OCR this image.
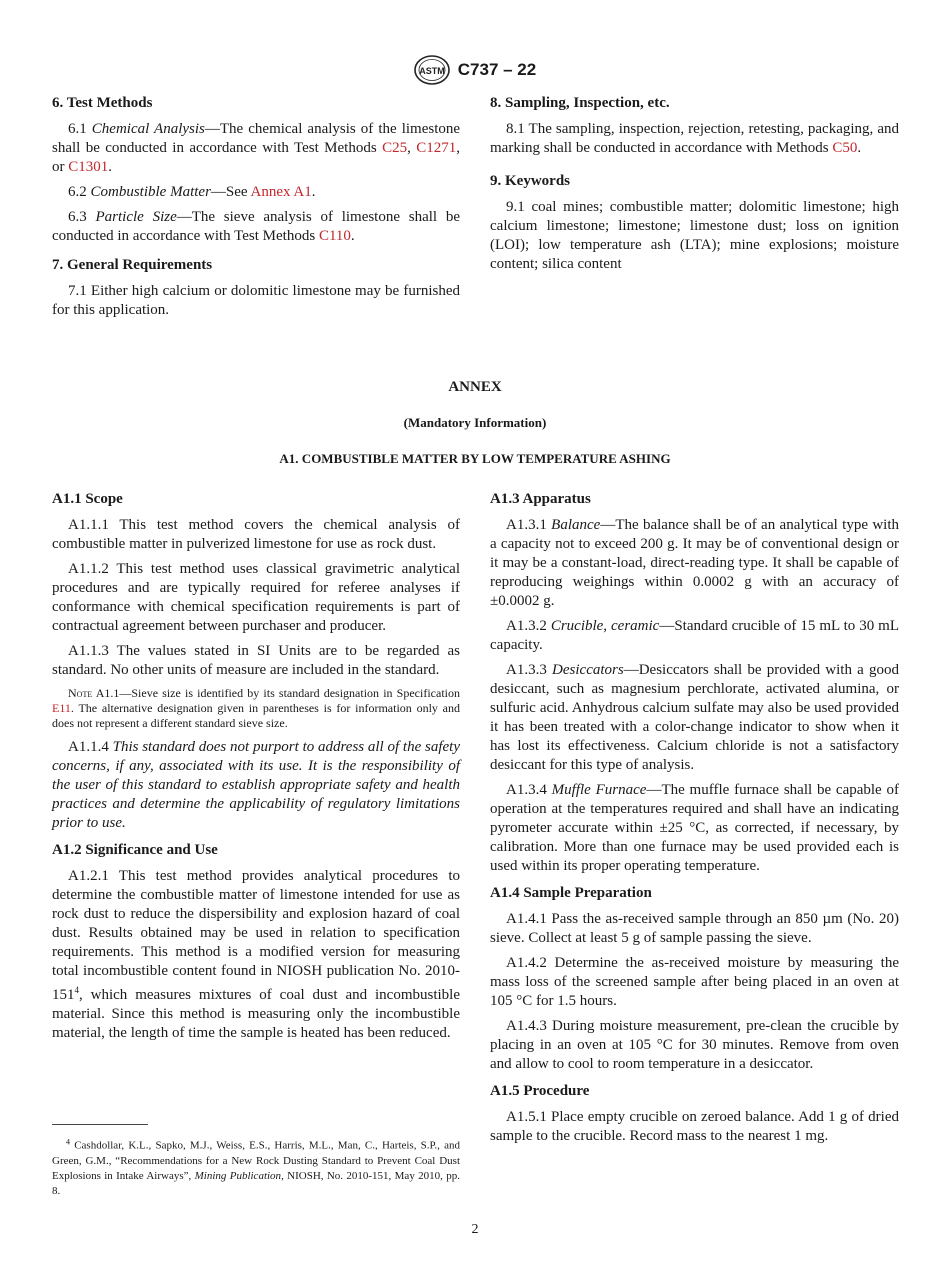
ASTM C737 – 22
6. Test Methods

6.1 Chemical Analysis—The chemical analysis of the limestone shall be conducted in accordance with Test Methods C25, C1271, or C1301.

6.2 Combustible Matter—See Annex A1.

6.3 Particle Size—The sieve analysis of limestone shall be conducted in accordance with Test Methods C110.

7. General Requirements

7.1 Either high calcium or dolomitic limestone may be furnished for this application.

8. Sampling, Inspection, etc.

8.1 The sampling, inspection, rejection, retesting, packaging, and marking shall be conducted in accordance with Methods C50.

9. Keywords

9.1 coal mines; combustible matter; dolomitic limestone; high calcium limestone; limestone; limestone dust; loss on ignition (LOI); low temperature ash (LTA); mine explosions; moisture content; silica content

ANNEX
(Mandatory Information)
A1. COMBUSTIBLE MATTER BY LOW TEMPERATURE ASHING
A1.1 Scope

A1.1.1 This test method covers the chemical analysis of combustible matter in pulverized limestone for use as rock dust.

A1.1.2 This test method uses classical gravimetric analytical procedures and are typically required for referee analyses if conformance with chemical specification requirements is part of contractual agreement between purchaser and producer.

A1.1.3 The values stated in SI Units are to be regarded as standard. No other units of measure are included in the standard.

Note A1.1—Sieve size is identified by its standard designation in Specification E11. The alternative designation given in parentheses is for information only and does not represent a different standard sieve size.

A1.1.4 This standard does not purport to address all of the safety concerns, if any, associated with its use. It is the responsibility of the user of this standard to establish appropriate safety and health practices and determine the applicability of regulatory limitations prior to use.

A1.2 Significance and Use

A1.2.1 This test method provides analytical procedures to determine the combustible matter of limestone intended for use as rock dust to reduce the dispersibility and explosion hazard of coal dust. Results obtained may be used in relation to specification requirements. This method is a modified version for measuring total incombustible content found in NIOSH publication No. $2010-151^4$, which measures mixtures of coal dust and incombustible material. Since this method is measuring only the incombustible material, the length of time the sample is heated has been reduced.

$^4$ Cashdollar, K.L., Sapko, M.J., Weiss, E.S., Harris, M.L., Man, C., Harteis, S.P., and Green, G.M., “Recommendations for a New Rock Dusting Standard to Prevent Coal Dust Explosions in Intake Airways”, Mining Publication, NIOSH, No. 2010-151, May 2010, pp. 8.
A1.3 Apparatus

A1.3.1 Balance—The balance shall be of an analytical type with a capacity not to exceed 200 g. It may be of conventional design or it may be a constant-load, direct-reading type. It shall be capable of reproducing weighings within 0.0002 g with an accuracy of ±0.0002 g.

A1.3.2 Crucible, ceramic—Standard crucible of 15 mL to 30 mL capacity.

A1.3.3 Desiccators—Desiccators shall be provided with a good desiccant, such as magnesium perchlorate, activated alumina, or sulfuric acid. Anhydrous calcium sulfate may also be used provided it has been treated with a color-change indicator to show when it has lost its effectiveness. Calcium chloride is not a satisfactory desiccant for this type of analysis.

A1.3.4 Muffle Furnace—The muffle furnace shall be capable of operation at the temperatures required and shall have an indicating pyrometer accurate within ±25 °C, as corrected, if necessary, by calibration. More than one furnace may be used provided each is used within its proper operating temperature.

A1.4 Sample Preparation

A1.4.1 Pass the as-received sample through an 850 µm (No. 20) sieve. Collect at least 5 g of sample passing the sieve.

A1.4.2 Determine the as-received moisture by measuring the mass loss of the screened sample after being placed in an oven at 105 °C for 1.5 hours.

A1.4.3 During moisture measurement, pre-clean the crucible by placing in an oven at 105 °C for 30 minutes. Remove from oven and allow to cool to room temperature in a desiccator.

A1.5 Procedure

A1.5.1 Place empty crucible on zeroed balance. Add 1 g of dried sample to the crucible. Record mass to the nearest 1 mg.

2
